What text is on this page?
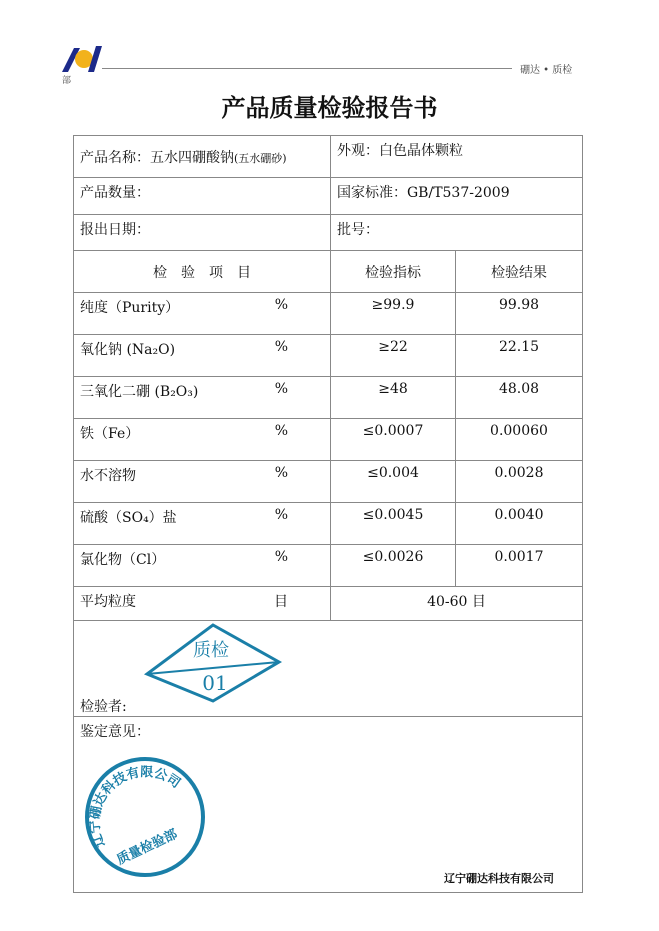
硼达 • 质检
部
产品质量检验报告书
产品名称：五水四硼酸钠(五水硼砂)	外观：白色晶体颗粒	
产品数量：	国家标准：GB/T537-2009	
报出日期：	批号：	
检　验　项　目	检验指标	检验结果
纯度（Purity） %	≥99.9	99.98
氧化钠 (Na₂O) %	≥22	22.15
三氧化二硼 (B₂O₃) %	≥48	48.08
铁（Fe） %	≤0.0007	0.00060
水不溶物 %	≤0.004	0.0028
硫酸（SO₄）盐 %	≤0.0045	0.0040
氯化物（Cl） %	≤0.0026	0.0017
平均粒度 目	40-60 目	
检验者:		
鉴定意见：		
质检
01
辽宁硼达科技有限公司
质量检验部
辽宁硼达科技有限公司
